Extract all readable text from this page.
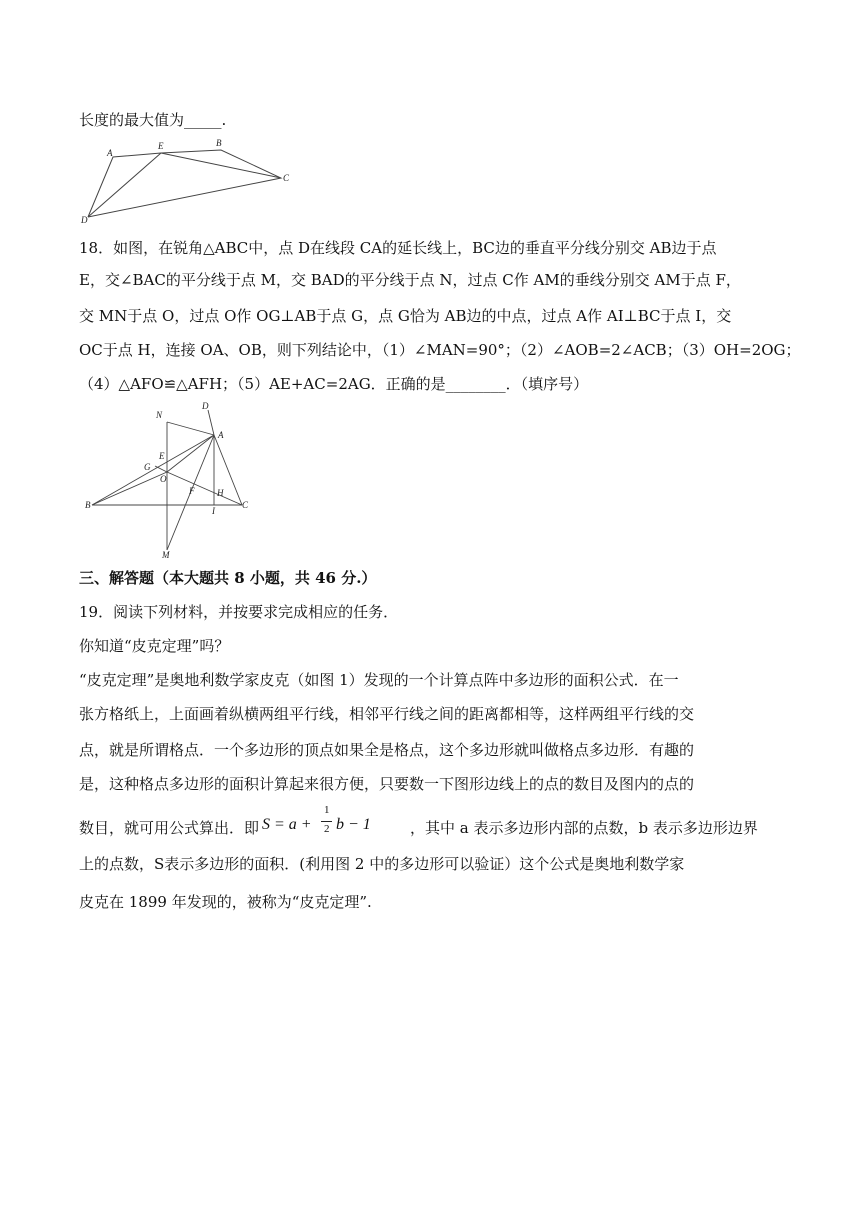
长度的最大值为_____.
A
E	B
C
D
18．如图，在锐角△ABC中，点 D在线段 CA的延长线上，BC边的垂直平分线分别交 AB边于点
E，交∠BAC的平分线于点 M，交 BAD的平分线于点 N，过点 C作 AM的垂线分别交 AM于点 F，
交 MN于点 O，过点 O作 OG⊥AB于点 G，点 G恰为 AB边的中点，过点 A作 AI⊥BC于点 I，交
OC于点 H，连接 OA、OB，则下列结论中，（1）∠MAN=90°；（2）∠AOB=2∠ACB；（3）OH=2OG；
（4）△AFO≌△AFH；（5）AE+AC=2AG．正确的是________．（填序号）
N
D
A
E
G
O
F	H
B
I
C
M
三、解答题（本大题共 8 小题，共 46 分.）
19．阅读下列材料，并按要求完成相应的任务．
你知道“皮克定理”吗？
“皮克定理”是奥地利数学家皮克（如图 1）发现的一个计算点阵中多边形的面积公式．在一
张方格纸上，上面画着纵横两组平行线，相邻平行线之间的距离都相等，这样两组平行线的交
点，就是所谓格点．一个多边形的顶点如果全是格点，这个多边形就叫做格点多边形．有趣的
是，这种格点多边形的面积计算起来很方便，只要数一下图形边线上的点的数目及图内的点的
数目，就可用公式算出．即 S = a +
1
2 b − 1	，其中 a 表示多边形内部的点数，b 表示多边形边界
上的点数，S表示多边形的面积．(利用图 2 中的多边形可以验证）这个公式是奥地利数学家
皮克在 1899 年发现的，被称为“皮克定理”.
